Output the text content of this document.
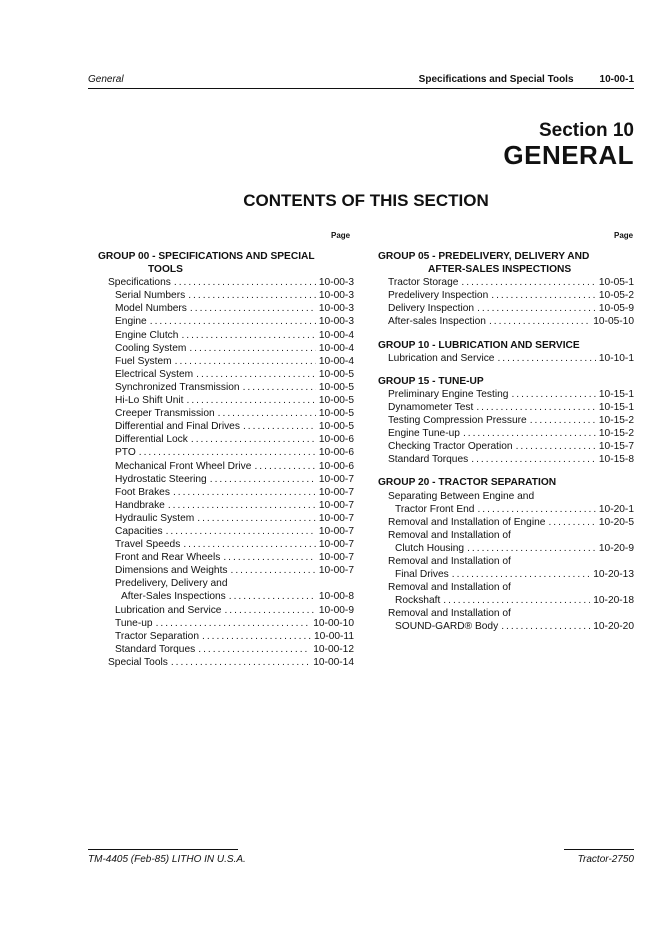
General	Specifications and Special Tools	10-00-1
Section 10
GENERAL
CONTENTS OF THIS SECTION
Page	Page
GROUP 00 - SPECIFICATIONS AND SPECIAL
TOOLS
Specifications .....	10-00-3
Serial Numbers .....	10-00-3
Model Numbers .....	10-00-3
Engine .....	10-00-3
Engine Clutch .....	10-00-4
Cooling System .....	10-00-4
Fuel System .....	10-00-4
Electrical System .....	10-00-5
Synchronized Transmission .....	10-00-5
Hi-Lo Shift Unit .....	10-00-5
Creeper Transmission .....	10-00-5
Differential and Final Drives .....	10-00-5
Differential Lock .....	10-00-6
PTO .....	10-00-6
Mechanical Front Wheel Drive .....	10-00-6
Hydrostatic Steering .....	10-00-7
Foot Brakes .....	10-00-7
Handbrake .....	10-00-7
Hydraulic System .....	10-00-7
Capacities .....	10-00-7
Travel Speeds .....	10-00-7
Front and Rear Wheels .....	10-00-7
Dimensions and Weights .....	10-00-7
Predelivery, Delivery and
After-Sales Inspections .....	10-00-8
Lubrication and Service .....	10-00-9
Tune-up .....	10-00-10
Tractor Separation .....	10-00-11
Standard Torques .....	10-00-12
Special Tools .....	10-00-14
GROUP 05 - PREDELIVERY, DELIVERY AND
AFTER-SALES INSPECTIONS
Tractor Storage .....	10-05-1
Predelivery Inspection .....	10-05-2
Delivery Inspection .....	10-05-9
After-sales Inspection .....	10-05-10
GROUP 10 - LUBRICATION AND SERVICE
Lubrication and Service .....	10-10-1
GROUP 15 - TUNE-UP
Preliminary Engine Testing .....	10-15-1
Dynamometer Test .....	10-15-1
Testing Compression Pressure .....	10-15-2
Engine Tune-up .....	10-15-2
Checking Tractor Operation .....	10-15-7
Standard Torques .....	10-15-8
GROUP 20 - TRACTOR SEPARATION
Separating Between Engine and
Tractor Front End .....	10-20-1
Removal and Installation of Engine .....	10-20-5
Removal and Installation of
Clutch Housing .....	10-20-9
Removal and Installation of
Final Drives .....	10-20-13
Removal and Installation of
Rockshaft .....	10-20-18
Removal and Installation of
SOUND-GARD® Body .....	10-20-20
TM-4405 (Feb-85) LITHO IN U.S.A.	Tractor-2750
